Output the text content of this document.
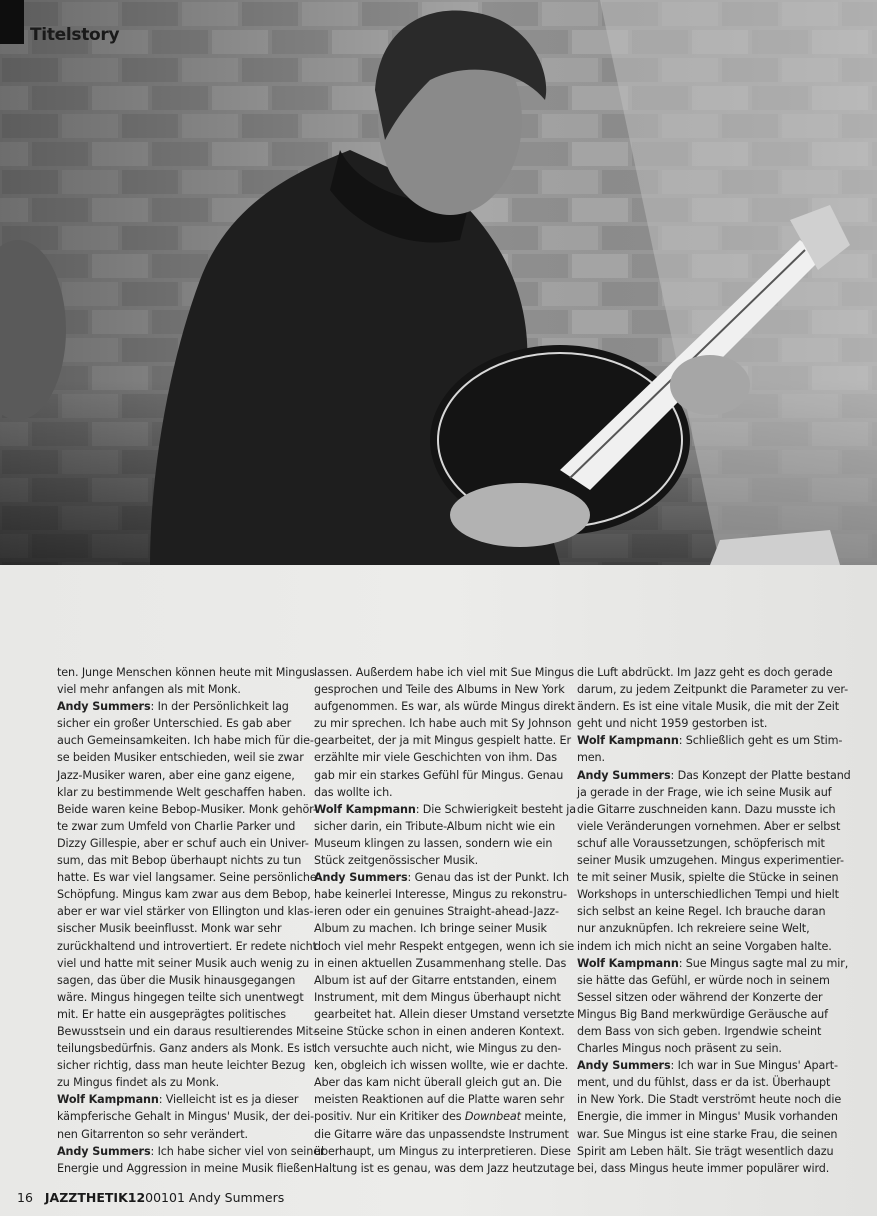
Titelstory
ten. Junge Menschen können heute mit Mingus
viel mehr anfangen als mit Monk.
Andy Summers: In der Persönlichkeit lag
sicher ein großer Unterschied. Es gab aber
auch Gemeinsamkeiten. Ich habe mich für die-
se beiden Musiker entschieden, weil sie zwar
Jazz-Musiker waren, aber eine ganz eigene,
klar zu bestimmende Welt geschaffen haben.
Beide waren keine Bebop-Musiker. Monk gehör-
te zwar zum Umfeld von Charlie Parker und
Dizzy Gillespie, aber er schuf auch ein Univer-
sum, das mit Bebop überhaupt nichts zu tun
hatte. Es war viel langsamer. Seine persönliche
Schöpfung. Mingus kam zwar aus dem Bebop,
aber er war viel stärker von Ellington und klas-
sischer Musik beeinflusst. Monk war sehr
zurückhaltend und introvertiert. Er redete nicht
viel und hatte mit seiner Musik auch wenig zu
sagen, das über die Musik hinausgegangen
wäre. Mingus hingegen teilte sich unentwegt
mit. Er hatte ein ausgeprägtes politisches
Bewusstsein und ein daraus resultierendes Mit-
teilungsbedürfnis. Ganz anders als Monk. Es ist
sicher richtig, dass man heute leichter Bezug
zu Mingus findet als zu Monk.
Wolf Kampmann: Vielleicht ist es ja dieser
kämpferische Gehalt in Mingus' Musik, der dei-
nen Gitarrenton so sehr verändert.
Andy Summers: Ich habe sicher viel von seiner
Energie und Aggression in meine Musik fließen
lassen. Außerdem habe ich viel mit Sue Mingus
gesprochen und Teile des Albums in New York
aufgenommen. Es war, als würde Mingus direkt
zu mir sprechen. Ich habe auch mit Sy Johnson
gearbeitet, der ja mit Mingus gespielt hatte. Er
erzählte mir viele Geschichten von ihm. Das
gab mir ein starkes Gefühl für Mingus. Genau
das wollte ich.
Wolf Kampmann: Die Schwierigkeit besteht ja
sicher darin, ein Tribute-Album nicht wie ein
Museum klingen zu lassen, sondern wie ein
Stück zeitgenössischer Musik.
Andy Summers: Genau das ist der Punkt. Ich
habe keinerlei Interesse, Mingus zu rekonstru-
ieren oder ein genuines Straight-ahead-Jazz-
Album zu machen. Ich bringe seiner Musik
doch viel mehr Respekt entgegen, wenn ich sie
in einen aktuellen Zusammenhang stelle. Das
Album ist auf der Gitarre entstanden, einem
Instrument, mit dem Mingus überhaupt nicht
gearbeitet hat. Allein dieser Umstand versetzte
seine Stücke schon in einen anderen Kontext.
Ich versuchte auch nicht, wie Mingus zu den-
ken, obgleich ich wissen wollte, wie er dachte.
Aber das kam nicht überall gleich gut an. Die
meisten Reaktionen auf die Platte waren sehr
positiv. Nur ein Kritiker des Downbeat meinte,
die Gitarre wäre das unpassendste Instrument
überhaupt, um Mingus zu interpretieren. Diese
Haltung ist es genau, was dem Jazz heutzutage
die Luft abdrückt. Im Jazz geht es doch gerade
darum, zu jedem Zeitpunkt die Parameter zu ver-
ändern. Es ist eine vitale Musik, die mit der Zeit
geht und nicht 1959 gestorben ist.
Wolf Kampmann: Schließlich geht es um Stim-
men.
Andy Summers: Das Konzept der Platte bestand
ja gerade in der Frage, wie ich seine Musik auf
die Gitarre zuschneiden kann. Dazu musste ich
viele Veränderungen vornehmen. Aber er selbst
schuf alle Voraussetzungen, schöpferisch mit
seiner Musik umzugehen. Mingus experimentier-
te mit seiner Musik, spielte die Stücke in seinen
Workshops in unterschiedlichen Tempi und hielt
sich selbst an keine Regel. Ich brauche daran
nur anzuknüpfen. Ich rekreiere seine Welt,
indem ich mich nicht an seine Vorgaben halte.
Wolf Kampmann: Sue Mingus sagte mal zu mir,
sie hätte das Gefühl, er würde noch in seinem
Sessel sitzen oder während der Konzerte der
Mingus Big Band merkwürdige Geräusche auf
dem Bass von sich geben. Irgendwie scheint
Charles Mingus noch präsent zu sein.
Andy Summers: Ich war in Sue Mingus' Apart-
ment, und du fühlst, dass er da ist. Überhaupt
in New York. Die Stadt verströmt heute noch die
Energie, die immer in Mingus' Musik vorhanden
war. Sue Mingus ist eine starke Frau, die seinen
Spirit am Leben hält. Sie trägt wesentlich dazu
bei, dass Mingus heute immer populärer wird.
16 JAZZTHETIK1200101 Andy Summers
